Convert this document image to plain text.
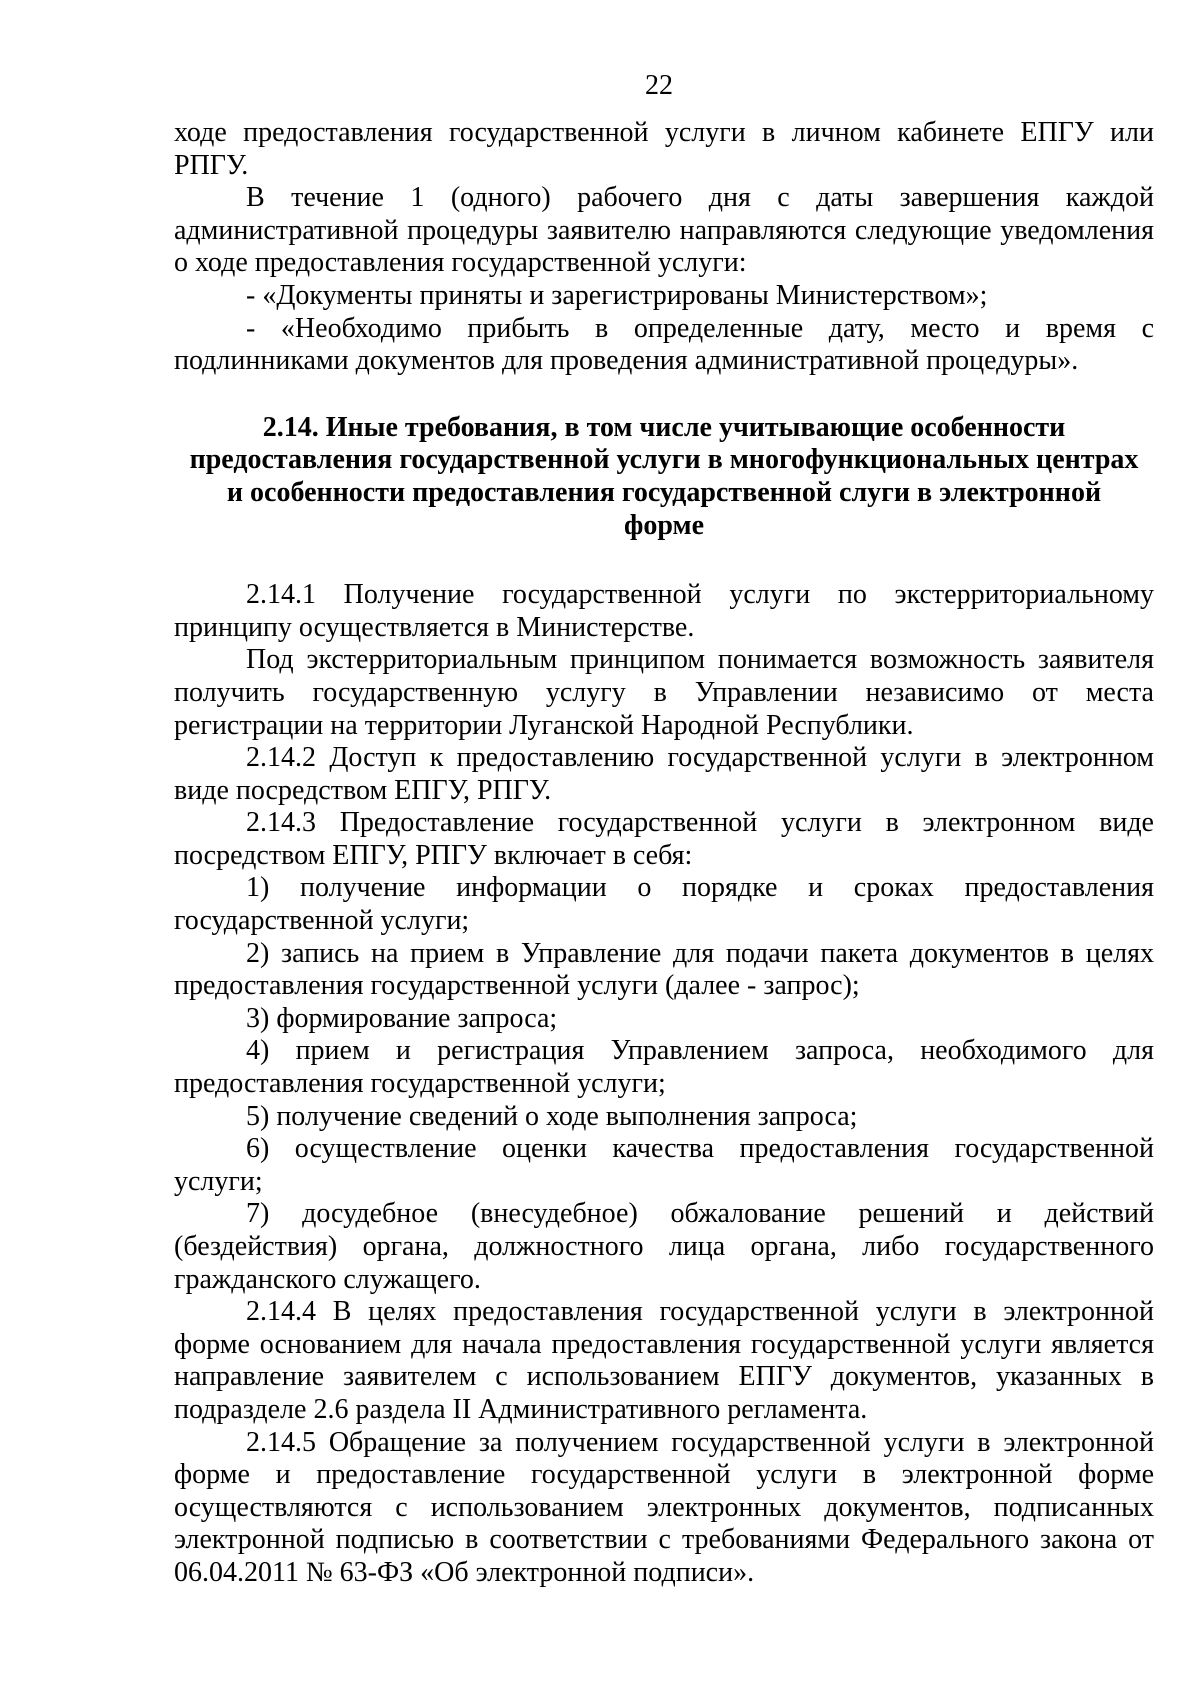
22

ходе предоставления государственной услуги в личном кабинете ЕПГУ или РПГУ.

В течение 1 (одного) рабочего дня с даты завершения каждой административной процедуры заявителю направляются следующие уведомления о ходе предоставления государственной услуги:

- «Документы приняты и зарегистрированы Министерством»;

- «Необходимо прибыть в определенные дату, место и время с подлинниками документов для проведения административной процедуры».

2.14. Иные требования, в том числе учитывающие особенности
предоставления государственной услуги в многофункциональных центрах
и особенности предоставления государственной слуги в электронной
форме

2.14.1 Получение государственной услуги по экстерриториальному принципу осуществляется в Министерстве.

Под экстерриториальным принципом понимается возможность заявителя получить государственную услугу в Управлении независимо от места регистрации на территории Луганской Народной Республики.

2.14.2 Доступ к предоставлению государственной услуги в электронном виде посредством ЕПГУ, РПГУ.

2.14.3 Предоставление государственной услуги в электронном виде посредством ЕПГУ, РПГУ включает в себя:

1) получение информации о порядке и сроках предоставления государственной услуги;

2) запись на прием в Управление для подачи пакета документов в целях предоставления государственной услуги (далее - запрос);

3) формирование запроса;

4) прием и регистрация Управлением запроса, необходимого для предоставления государственной услуги;

5) получение сведений о ходе выполнения запроса;

6) осуществление оценки качества предоставления государственной услуги;

7) досудебное (внесудебное) обжалование решений и действий (бездействия) органа, должностного лица органа, либо государственного гражданского служащего.

2.14.4 В целях предоставления государственной услуги в электронной форме основанием для начала предоставления государственной услуги является направление заявителем с использованием ЕПГУ документов, указанных в подразделе 2.6 раздела II Административного регламента.

2.14.5 Обращение за получением государственной услуги в электронной форме и предоставление государственной услуги в электронной форме осуществляются с использованием электронных документов, подписанных электронной подписью в соответствии с требованиями Федерального закона от 06.04.2011 № 63-ФЗ «Об электронной подписи».
